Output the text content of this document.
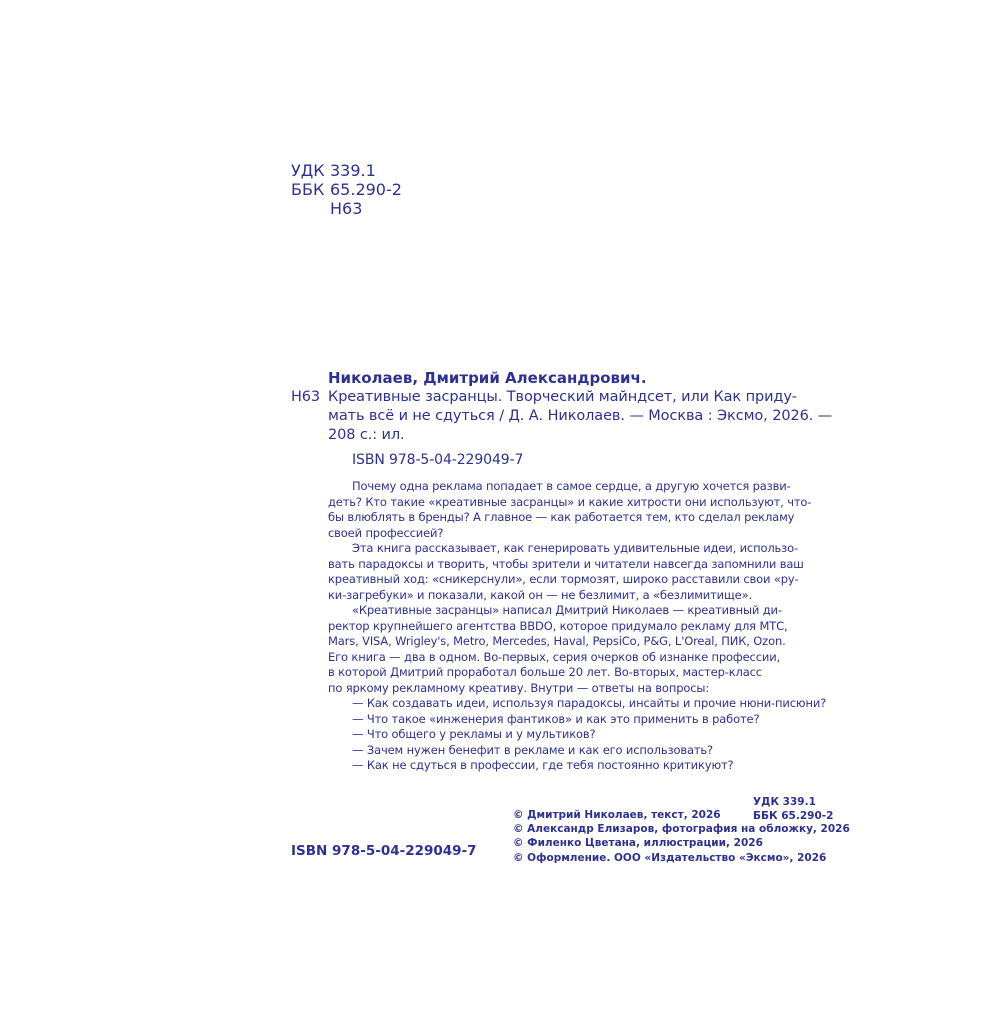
УДК 339.1
ББК 65.290-2
Н63
Николаев, Дмитрий Александрович.
Н63 Креативные засранцы. Творческий майндсет, или Как приду-
мать всё и не сдуться / Д. А. Николаев. — Москва : Эксмо, 2026. —
208 с.: ил.
ISBN 978-5-04-229049-7
Почему одна реклама попадает в самое сердце, а другую хочется разви-
деть? Кто такие «креативные засранцы» и какие хитрости они используют, что-
бы влюблять в бренды? А главное — как работается тем, кто сделал рекламу
своей профессией?
Эта книга рассказывает, как генерировать удивительные идеи, использо-
вать парадоксы и творить, чтобы зрители и читатели навсегда запомнили ваш
креативный ход: «сникерснули», если тормозят, широко расставили свои «ру-
ки-загребуки» и показали, какой он — не безлимит, а «безлимитище».
«Креативные засранцы» написал Дмитрий Николаев — креативный ди-
ректор крупнейшего агентства BBDO, которое придумало рекламу для МТС,
Mars, VISA, Wrigley's, Metro, Mercedes, Haval, PepsiCo, P&G, L'Oreal, ПИК, Ozon.
Его книга — два в одном. Во-первых, серия очерков об изнанке профессии,
в которой Дмитрий проработал больше 20 лет. Во-вторых, мастер-класс
по яркому рекламному креативу. Внутри — ответы на вопросы:
— Как создавать идеи, используя парадоксы, инсайты и прочие нюни-писюни?
— Что такое «инженерия фантиков» и как это применить в работе?
— Что общего у рекламы и у мультиков?
— Зачем нужен бенефит в рекламе и как его использовать?
— Как не сдуться в профессии, где тебя постоянно критикуют?
УДК 339.1
ББК 65.290-2
© Дмитрий Николаев, текст, 2026
© Александр Елизаров, фотография на обложку, 2026
© Филенко Цветана, иллюстрации, 2026
© Оформление. ООО «Издательство «Эксмо», 2026
ISBN 978-5-04-229049-7
